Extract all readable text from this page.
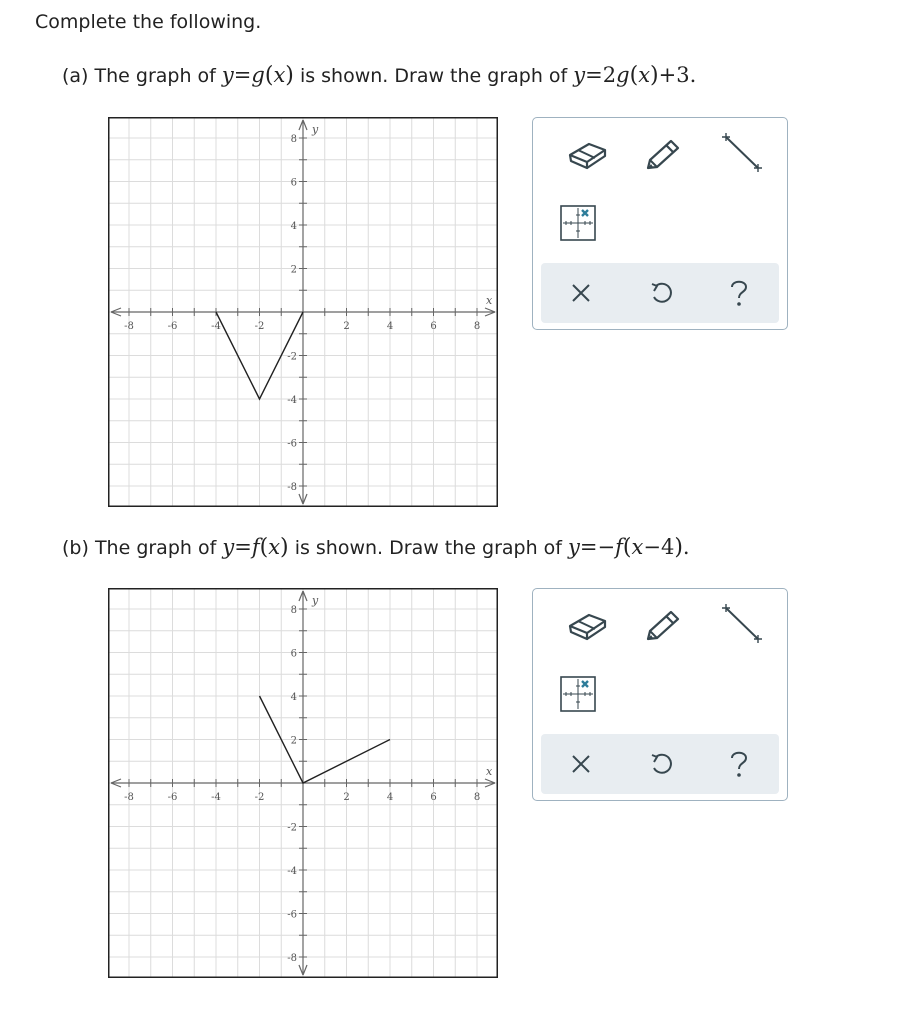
Complete the following.
(a) The graph of y=g(x) is shown. Draw the graph of y=2g(x)+3.
-8	-6	-4	-2	2	4	6	8
8
6
4
2
-2
-4
-6
-8
x
y
(b) The graph of y=f(x) is shown. Draw the graph of y=−f(x−4).
-8	-6	-4	-2	2	4	6	8
8
6
4
2
-2
-4
-6
-8
x
y
